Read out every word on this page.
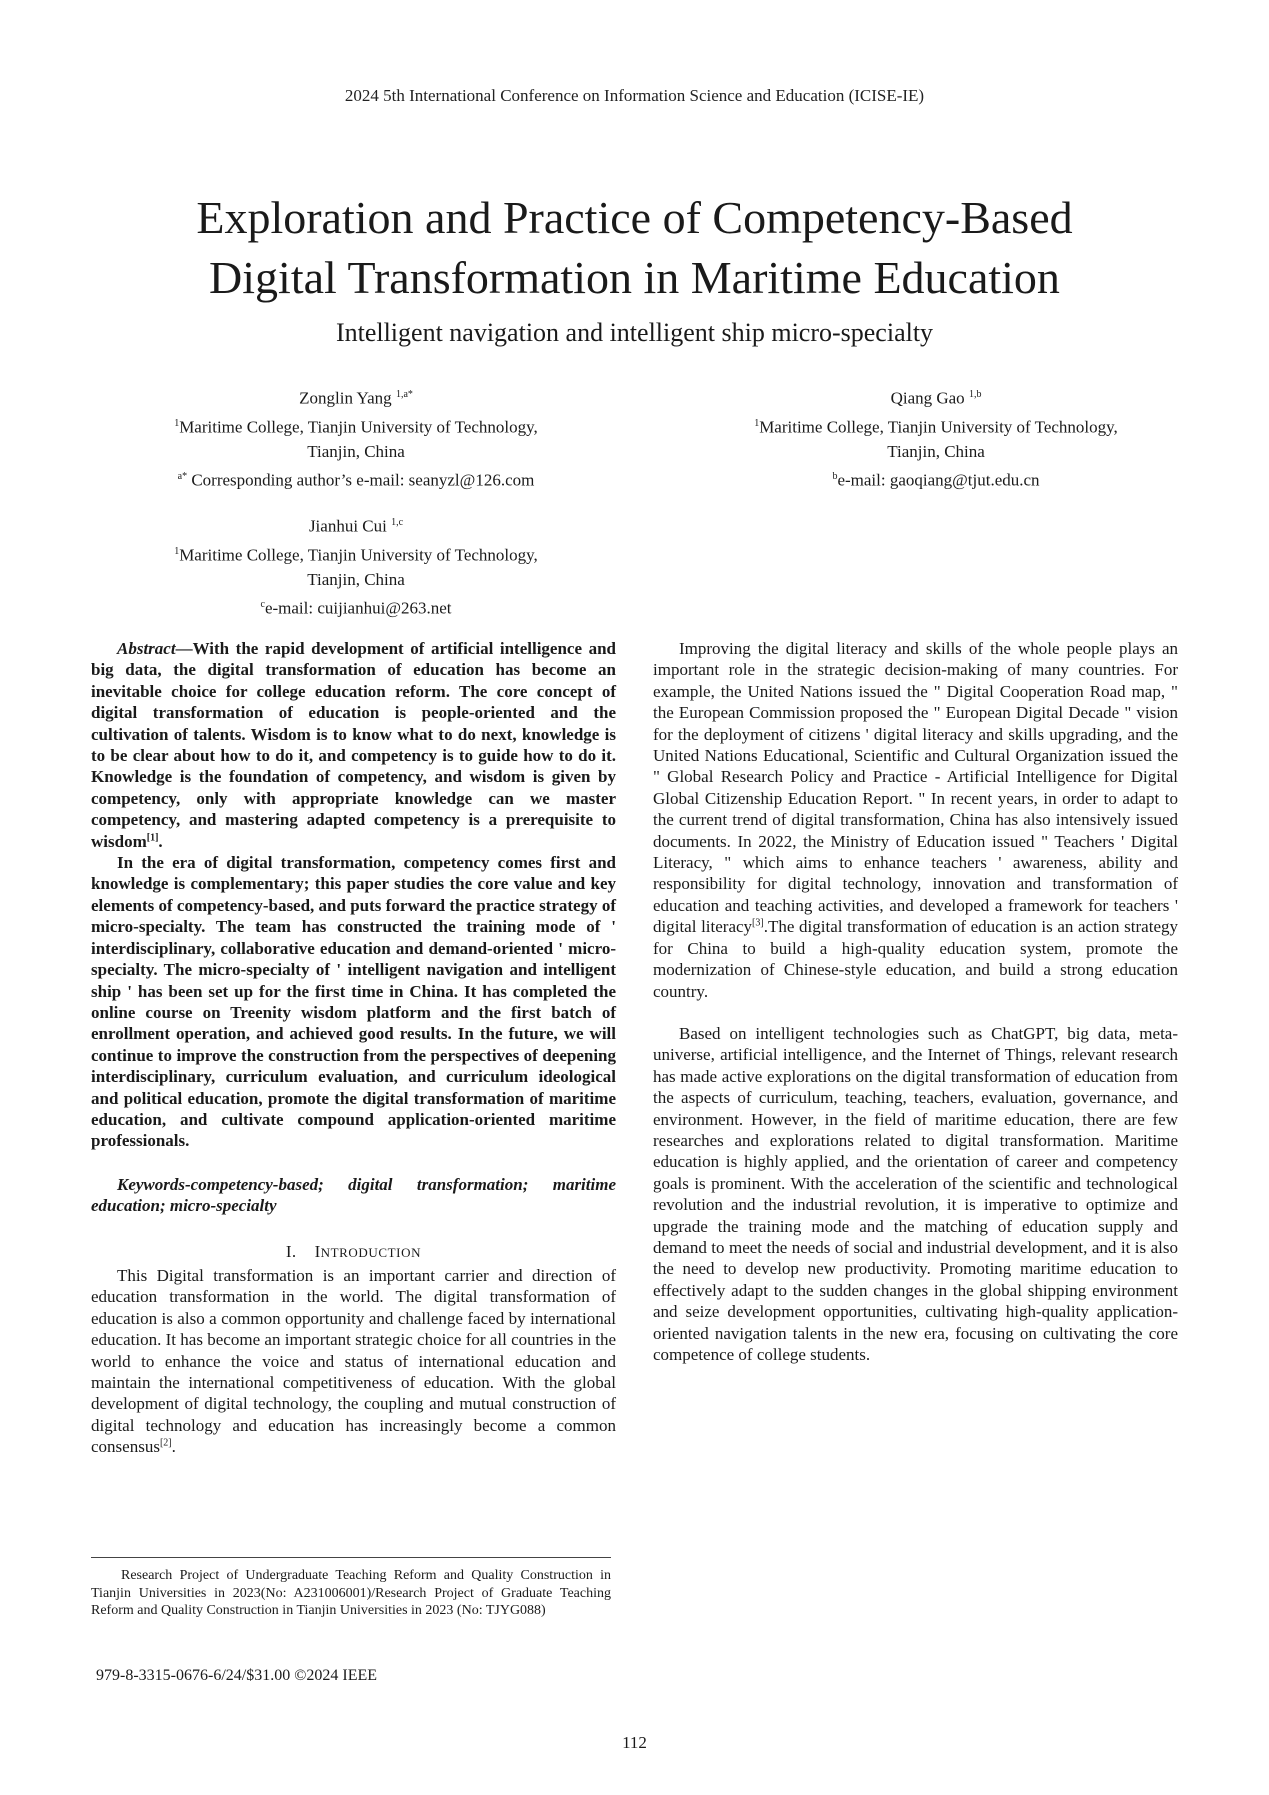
2024 5th International Conference on Information Science and Education (ICISE-IE)
Exploration and Practice of Competency-Based
Digital Transformation in Maritime Education
Intelligent navigation and intelligent ship micro-specialty
Zonglin Yang $^{1,a*}$
$^1$Maritime College, Tianjin University of Technology,
Tianjin, China
$^{a*}$ Corresponding author’s e-mail: seanyzl@126.com
Qiang Gao $^{1,b}$
$^1$Maritime College, Tianjin University of Technology,
Tianjin, China
$^b$e-mail: gaoqiang@tjut.edu.cn
Jianhui Cui $^{1,c}$
$^1$Maritime College, Tianjin University of Technology,
Tianjin, China
$^c$e-mail: cuijianhui@263.net

Abstract—With the rapid development of artificial intelligence and big data, the digital transformation of education has become an inevitable choice for college education reform. The core concept of digital transformation of education is people-oriented and the cultivation of talents. Wisdom is to know what to do next, knowledge is to be clear about how to do it, and competency is to guide how to do it. Knowledge is the foundation of competency, and wisdom is given by competency, only with appropriate knowledge can we master competency, and mastering adapted competency is a prerequisite to wisdom[1].

In the era of digital transformation, competency comes first and knowledge is complementary; this paper studies the core value and key elements of competency-based, and puts forward the practice strategy of micro-specialty. The team has constructed the training mode of ' interdisciplinary, collaborative education and demand-oriented ' micro-specialty. The micro-specialty of ' intelligent navigation and intelligent ship ' has been set up for the first time in China. It has completed the online course on Treenity wisdom platform and the first batch of enrollment operation, and achieved good results. In the future, we will continue to improve the construction from the perspectives of deepening interdisciplinary, curriculum evaluation, and curriculum ideological and political education, promote the digital transformation of maritime education, and cultivate compound application-oriented maritime professionals.

Keywords-competency-based; digital transformation; maritime education; micro-specialty

I. INTRODUCTION

This Digital transformation is an important carrier and direction of education transformation in the world. The digital transformation of education is also a common opportunity and challenge faced by international education. It has become an important strategic choice for all countries in the world to enhance the voice and status of international education and maintain the international competitiveness of education. With the global development of digital technology, the coupling and mutual construction of digital technology and education has increasingly become a common consensus[2].

Improving the digital literacy and skills of the whole people plays an important role in the strategic decision-making of many countries. For example, the United Nations issued the " Digital Cooperation Road map, " the European Commission proposed the " European Digital Decade " vision for the deployment of citizens ' digital literacy and skills upgrading, and the United Nations Educational, Scientific and Cultural Organization issued the " Global Research Policy and Practice - Artificial Intelligence for Digital Global Citizenship Education Report. " In recent years, in order to adapt to the current trend of digital transformation, China has also intensively issued documents. In 2022, the Ministry of Education issued " Teachers ' Digital Literacy, " which aims to enhance teachers ' awareness, ability and responsibility for digital technology, innovation and transformation of education and teaching activities, and developed a framework for teachers ' digital literacy[3].The digital transformation of education is an action strategy for China to build a high-quality education system, promote the modernization of Chinese-style education, and build a strong education country.

Based on intelligent technologies such as ChatGPT, big data, meta-universe, artificial intelligence, and the Internet of Things, relevant research has made active explorations on the digital transformation of education from the aspects of curriculum, teaching, teachers, evaluation, governance, and environment. However, in the field of maritime education, there are few researches and explorations related to digital transformation. Maritime education is highly applied, and the orientation of career and competency goals is prominent. With the acceleration of the scientific and technological revolution and the industrial revolution, it is imperative to optimize and upgrade the training mode and the matching of education supply and demand to meet the needs of social and industrial development, and it is also the need to develop new productivity. Promoting maritime education to effectively adapt to the sudden changes in the global shipping environment and seize development opportunities, cultivating high-quality application-oriented navigation talents in the new era, focusing on cultivating the core competence of college students.

Research Project of Undergraduate Teaching Reform and Quality Construction in Tianjin Universities in 2023(No: A231006001)/Research Project of Graduate Teaching Reform and Quality Construction in Tianjin Universities in 2023 (No: TJYG088)
979-8-3315-0676-6/24/$31.00 ©2024 IEEE
112
